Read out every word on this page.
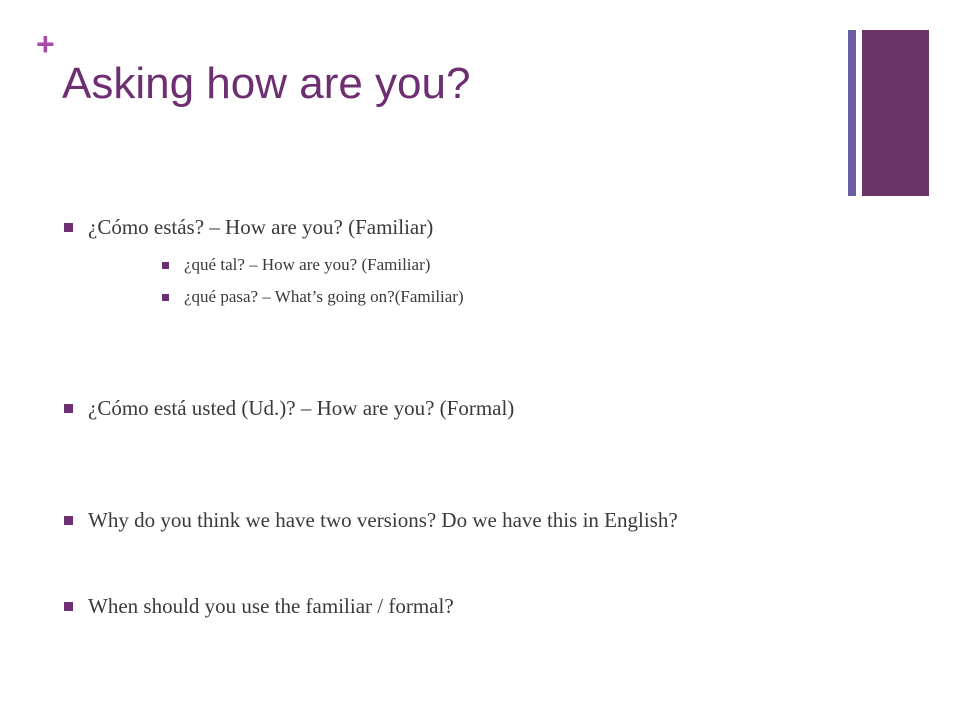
+
Asking how are you?
¿Cómo estás? – How are you? (Familiar)
¿qué tal? – How are you? (Familiar)
¿qué pasa? – What’s going on?(Familiar)
¿Cómo está usted (Ud.)? – How are you? (Formal)
Why do you think we have two versions? Do we have this in English?
When should you use the familiar / formal?
